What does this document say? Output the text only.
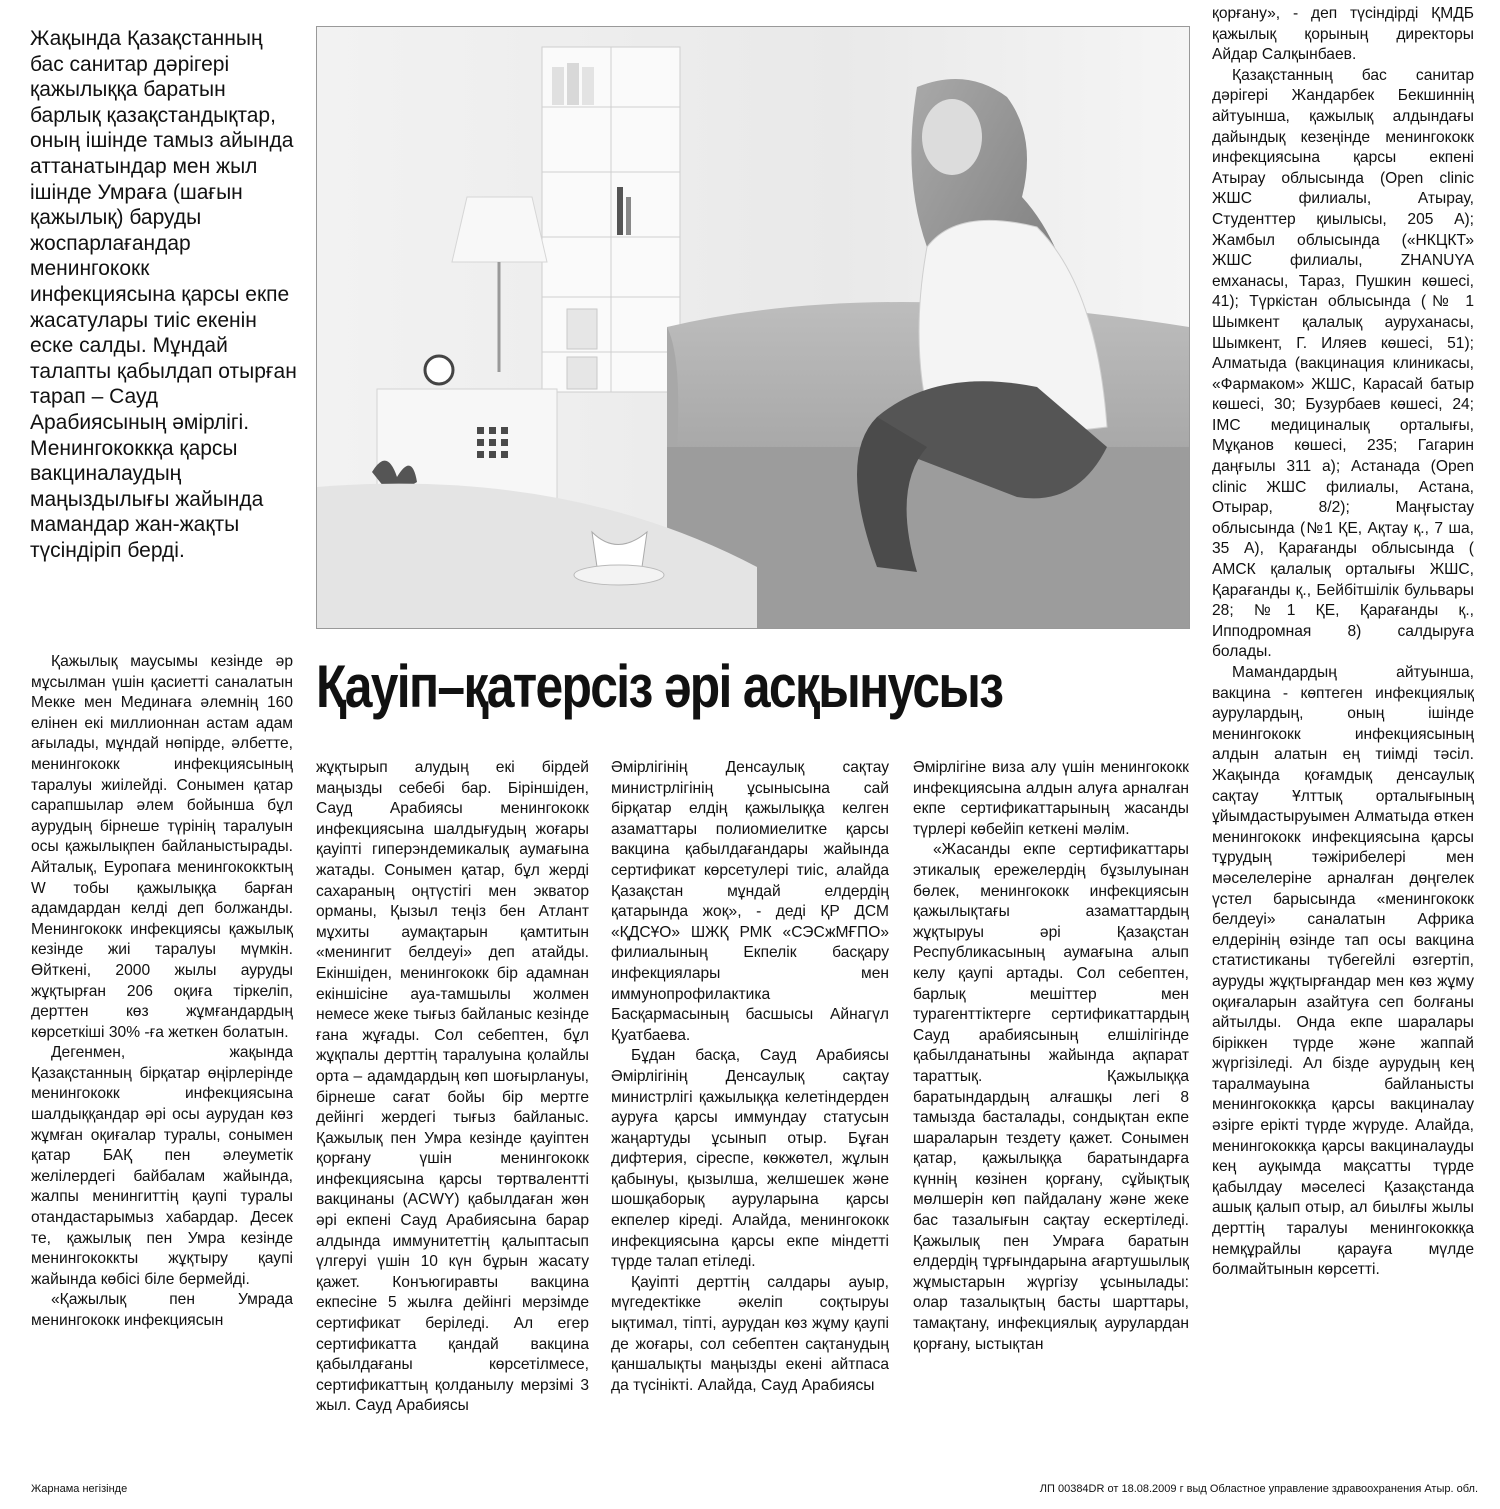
Жақында Қазақстанның бас санитар дәрігері қажылыққа баратын барлық қазақстандықтар, оның ішінде тамыз айында аттанатындар мен жыл ішінде Умраға (шағын қажылық) баруды жоспарлағандар менингококк инфекциясына қарсы екпе жасатулары тиіс екенін еске салды. Мұндай талапты қабылдап отырған тарап – Сауд Арабиясының әмірлігі. Менингококкқа қарсы вакциналаудың маңыздылығы жайында мамандар жан-жақты түсіндіріп берді.

Қауіп–қатерсіз әрі асқынусыз

Қажылық маусымы кезінде әр мұсылман үшін қасиетті саналатын Мекке мен Мединаға әлемнің 160 елінен екі миллионнан астам адам ағылады, мұндай нөпірде, әлбетте, менингококк инфекциясының таралуы жиілейді. Сонымен қатар сарапшылар әлем бойынша бұл аурудың бірнеше түрінің таралуын осы қажылықпен байланыстырады. Айталық, Еуропаға менингококктың W тобы қажылыққа барған адамдардан келді деп болжанды. Менингококк инфекциясы қажылық кезінде жиі таралуы мүмкін. Өйткені, 2000 жылы ауруды жұқтырған 206 оқиға тіркеліп, дерттен көз жұмғандардың көрсеткіші 30% -ға жеткен болатын.

Дегенмен, жақында Қазақстанның бірқатар өңірлерінде менингококк инфекциясына шалдыққандар әрі осы аурудан көз жұмған оқиғалар туралы, сонымен қатар БАҚ пен әлеуметік желілердегі байбалам жайында, жалпы менингиттің қаупі туралы отандастарымыз хабардар. Десек те, қажылық пен Умра кезінде менингококкты жұқтыру қаупі жайында көбісі біле бермейді.

«Қажылық пен Умрада менингококк инфекциясын

жұқтырып алудың екі бірдей маңызды себебі бар. Біріншіден, Сауд Арабиясы менингококк инфекциясына шалдығудың жоғары қауіпті гиперэндемикалық аумағына жатады. Сонымен қатар, бұл жерді сахараның оңтүстігі мен экватор орманы, Қызыл теңіз бен Атлант мұхиты аумақтарын қамтитын «менингит белдеуі» деп атайды. Екіншіден, менингококк бір адамнан екіншісіне ауа-тамшылы жолмен немесе жеке тығыз байланыс кезінде ғана жұғады. Сол себептен, бұл жұқпалы дерттің таралуына қолайлы орта – адамдардың көп шоғырлануы, бірнеше сағат бойы бір мертге дейінгі жердегі тығыз байланыс. Қажылық пен Умра кезінде қауіптен қорғану үшін менингококк инфекциясына қарсы төртвалентті вакцинаны (ACWY) қабылдаған жөн әрі екпені Сауд Арабиясына барар алдында иммунитеттің қалыптасып үлгеруі үшін 10 күн бұрын жасату қажет. Конъюгиравты вакцина екпесіне 5 жылға дейінгі мерзімде сертификат беріледі. Ал егер сертификатта қандай вакцина қабылдағаны көрсетілмесе, сертификаттың қолданылу мерзімі 3 жыл. Сауд Арабиясы

Әмірлігінің Денсаулық сақтау министрлігінің ұсынысына сай бірқатар елдің қажылыққа келген азаматтары полиомиелитке қарсы вакцина қабылдағандары жайында сертификат көрсетулері тиіс, алайда Қазақстан мұндай елдердің қатарында жоқ», - деді ҚР ДСМ «ҚДСҰО» ШЖҚ РМК «СЭСжМҒПО» филиалының Екпелік басқару инфекциялары мен иммунопрофилактика Басқармасының басшысы Айнагүл Қуатбаева.

Бұдан басқа, Сауд Арабиясы Әмірлігінің Денсаулық сақтау министрлігі қажылыққа келетіндерден ауруға қарсы иммундау статусын жаңартуды ұсынып отыр. Бұған дифтерия, сіреспе, көкжөтел, жұлын қабынуы, қызылша, желшешек және шошқаборық ауруларына қарсы екпелер кіреді. Алайда, менингококк инфекциясына қарсы екпе міндетті түрде талап етіледі.

Қауіпті дерттің салдары ауыр, мүгедектікке әкеліп соқтыруы ықтимал, тіпті, аурудан көз жұму қаупі де жоғары, сол себептен сақтанудың қаншалықты маңызды екені айтпаса да түсінікті. Алайда, Сауд Арабиясы

Әмірлігіне виза алу үшін менингококк инфекциясына алдын алуға арналған екпе сертификаттарының жасанды түрлері көбейіп кеткені мәлім.

«Жасанды екпе сертификаттары этикалық ережелердің бұзылуынан бөлек, менингококк инфекциясын қажылықтағы азаматтардың жұқтыруы әрі Қазақстан Республикасының аумағына алып келу қаупі артады. Сол себептен, барлық мешіттер мен турагенттіктерге сертификаттардың Сауд арабиясының елшілігінде қабылданатыны жайында ақпарат тараттық. Қажылыққа баратындардың алғашқы легі 8 тамызда басталады, сондықтан екпе шараларын тездету қажет. Сонымен қатар, қажылыққа баратындарға күннің көзінен қорғану, сұйықтық мөлшерін көп пайдалану және жеке бас тазалығын сақтау ескертіледі. Қажылық пен Умраға баратын елдердің тұрғындарына ағартушылық жұмыстарын жүргізу ұсынылады: олар тазалықтың басты шарттары, тамақтану, инфекциялық аурулардан қорғану, ыстықтан

қорғану», - деп түсіндірді ҚМДБ қажылық қорының директоры Айдар Салқынбаев.

Қазақстанның бас санитар дәрігері Жандарбек Бекшиннің айтуынша, қажылық алдындағы дайындық кезеңінде менингококк инфекциясына қарсы екпені Атырау облысында (Open clinic ЖШС филиалы, Атырау, Студенттер қиылысы, 205 А); Жамбыл облысында («НКЦКТ» ЖШС филиалы, ZHANUYA емханасы, Тараз, Пушкин көшесі, 41); Түркістан облысында (№ 1 Шымкент қалалық ауруханасы, Шымкент, Г. Иляев көшесі, 51); Алматыда (вакцинация клиникасы, «Фармаком» ЖШС, Карасай батыр көшесі, 30; Бузурбаев көшесі, 24; IMC медициналық орталығы, Мұқанов көшесі, 235; Гагарин даңғылы 311 а); Астанада (Open clinic ЖШС филиалы, Астана, Отырар, 8/2); Маңғыстау облысында (№1 ҚЕ, Ақтау қ., 7 ша, 35 А), Қарағанды облысында ( АМСК қалалық орталығы ЖШС, Қарағанды қ., Бейбітшілік бульвары 28; №1 ҚЕ, Қарағанды қ., Ипподромная 8) салдыруға болады.

Мамандардың айтуынша, вакцина - көптеген инфекциялық аурулардың, оның ішінде менингококк инфекциясының алдын алатын ең тиімді тәсіл. Жақында қоғамдық денсаулық сақтау Ұлттық орталығының ұйымдастыруымен Алматыда өткен менингококк инфекциясына қарсы тұрудың тәжірибелері мен мәселелеріне арналған дөңгелек үстел барысында «менингококк белдеуі» саналатын Африка елдерінің өзінде тап осы вакцина статистиканы түбегейлі өзгертіп, ауруды жұқтырғандар мен көз жұму оқиғаларын азайтуға сеп болғаны айтылды. Онда екпе шаралары біріккен түрде және жаппай жүргізіледі. Ал бізде аурудың кең таралмауына байланысты менингококкқа қарсы вакциналау әзірге еріктi түрде жүруде. Алайда, менингококкқа қарсы вакциналауды кең ауқымда мақсатты түрде қабылдау мәселесі Қазақстанда ашық қалып отыр, ал биылғы жылы дерттің таралуы менингококкқа немқұрайлы қарауға мүлде болмайтынын көрсетті.

Жарнама негізінде	ЛП 00384DR от 18.08.2009 г выд Областное управление здравоохранения Атыр. обл.
